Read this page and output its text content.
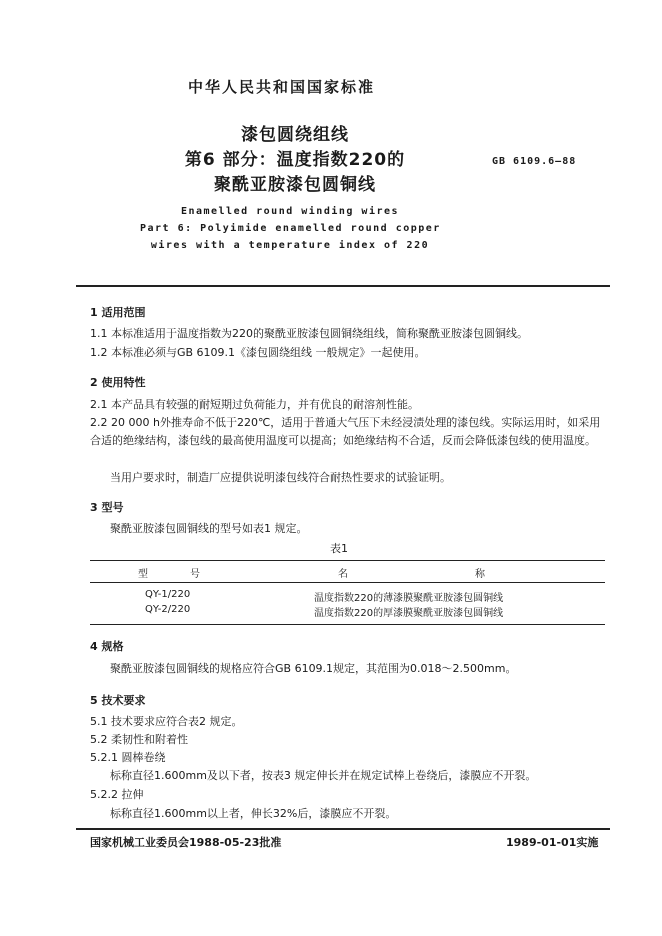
中华人民共和国国家标准
漆包圆绕组线
第6 部分：温度指数220的
聚酰亚胺漆包圆铜线
GB 6109.6—88
Enamelled round winding wires
Part 6: Polyimide enamelled round copper
wires with a temperature index of 220
1 适用范围
1.1 本标准适用于温度指数为220的聚酰亚胺漆包圆铜绕组线，简称聚酰亚胺漆包圆铜线。
1.2 本标准必须与GB 6109.1《漆包圆绕组线 一般规定》一起使用。
2 使用特性
2.1 本产品具有较强的耐短期过负荷能力，并有优良的耐溶剂性能。
2.2 20 000 h外推寿命不低于220℃，适用于普通大气压下未经浸渍处理的漆包线。实际运用时，如采用合适的绝缘结构，漆包线的最高使用温度可以提高；如绝缘结构不合适，反而会降低漆包线的使用温度。
当用户要求时，制造厂应提供说明漆包线符合耐热性要求的试验证明。
3 型号
聚酰亚胺漆包圆铜线的型号如表1 规定。
表1
型	号	名	称
QY-1/220	温度指数220的薄漆膜聚酰亚胺漆包圆铜线
QY-2/220	温度指数220的厚漆膜聚酰亚胺漆包圆铜线
4 规格
聚酰亚胺漆包圆铜线的规格应符合GB 6109.1规定，其范围为0.018～2.500mm。
5 技术要求
5.1 技术要求应符合表2 规定。
5.2 柔韧性和附着性
5.2.1 圆棒卷绕
标称直径1.600mm及以下者，按表3 规定伸长并在规定试棒上卷绕后，漆膜应不开裂。
5.2.2 拉伸
标称直径1.600mm以上者，伸长32%后，漆膜应不开裂。
国家机械工业委员会1988-05-23批准	1989-01-01实施
